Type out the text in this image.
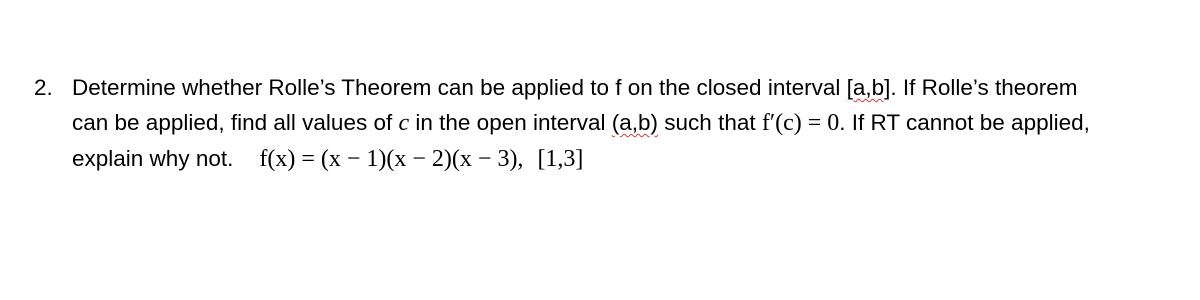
2. Determine whether Rolle’s Theorem can be applied to f on the closed interval [a,b]. If Rolle’s theorem
can be applied, find all values of c in the open interval (a,b) such that f′(c) = 0. If RT cannot be applied,
explain why not. f(x) = (x − 1)(x − 2)(x − 3), [1,3]
